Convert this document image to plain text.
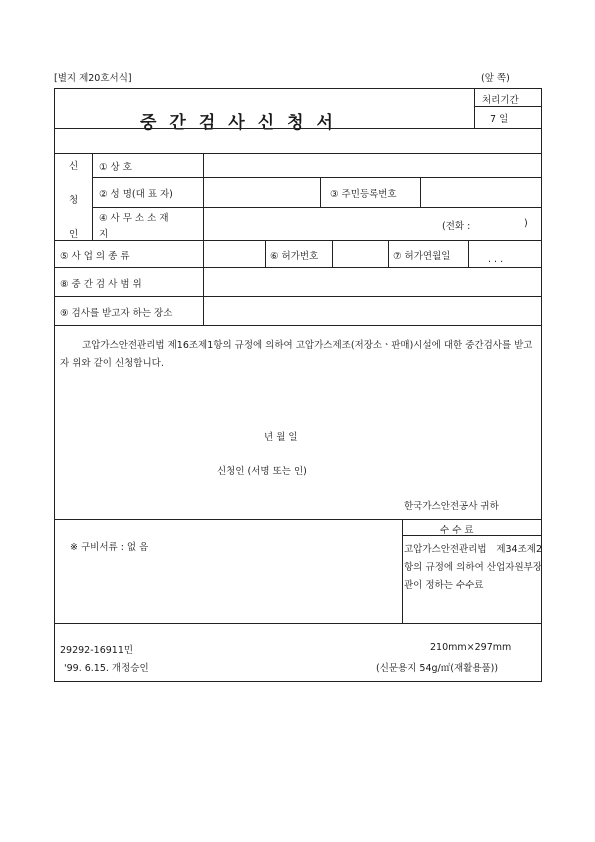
[별지 제20호서식]	(앞 쪽)
중간검사신청서
처리기간
7 일
신
청
인
① 상 호
② 성 명(대 표 자)	③ 주민등록번호
④ 사 무 소 소 재
지
(전화 :	)
⑤ 사 업 의 종 류	⑥ 허가번호	⑦ 허가연월일	. . .
⑧ 중 간 검 사 범 위
⑨ 검사를 받고자 하는 장소
고압가스안전관리법 제16조제1항의 규정에 의하여 고압가스제조(저장소ㆍ판매)시설에 대한 중간검사를 받고자 위와 같이 신청합니다.
년 월 일
신청인 (서명 또는 인)
한국가스안전공사 귀하
※ 구비서류 : 없 음
수 수 료
고압가스안전관리법 제34조제2항의 규정에 의하여 산업자원부장관이 정하는 수수료
29292-16911민	210mm×297mm
'99. 6.15. 개정승인	(신문용지 54g/㎡(재활용품))
